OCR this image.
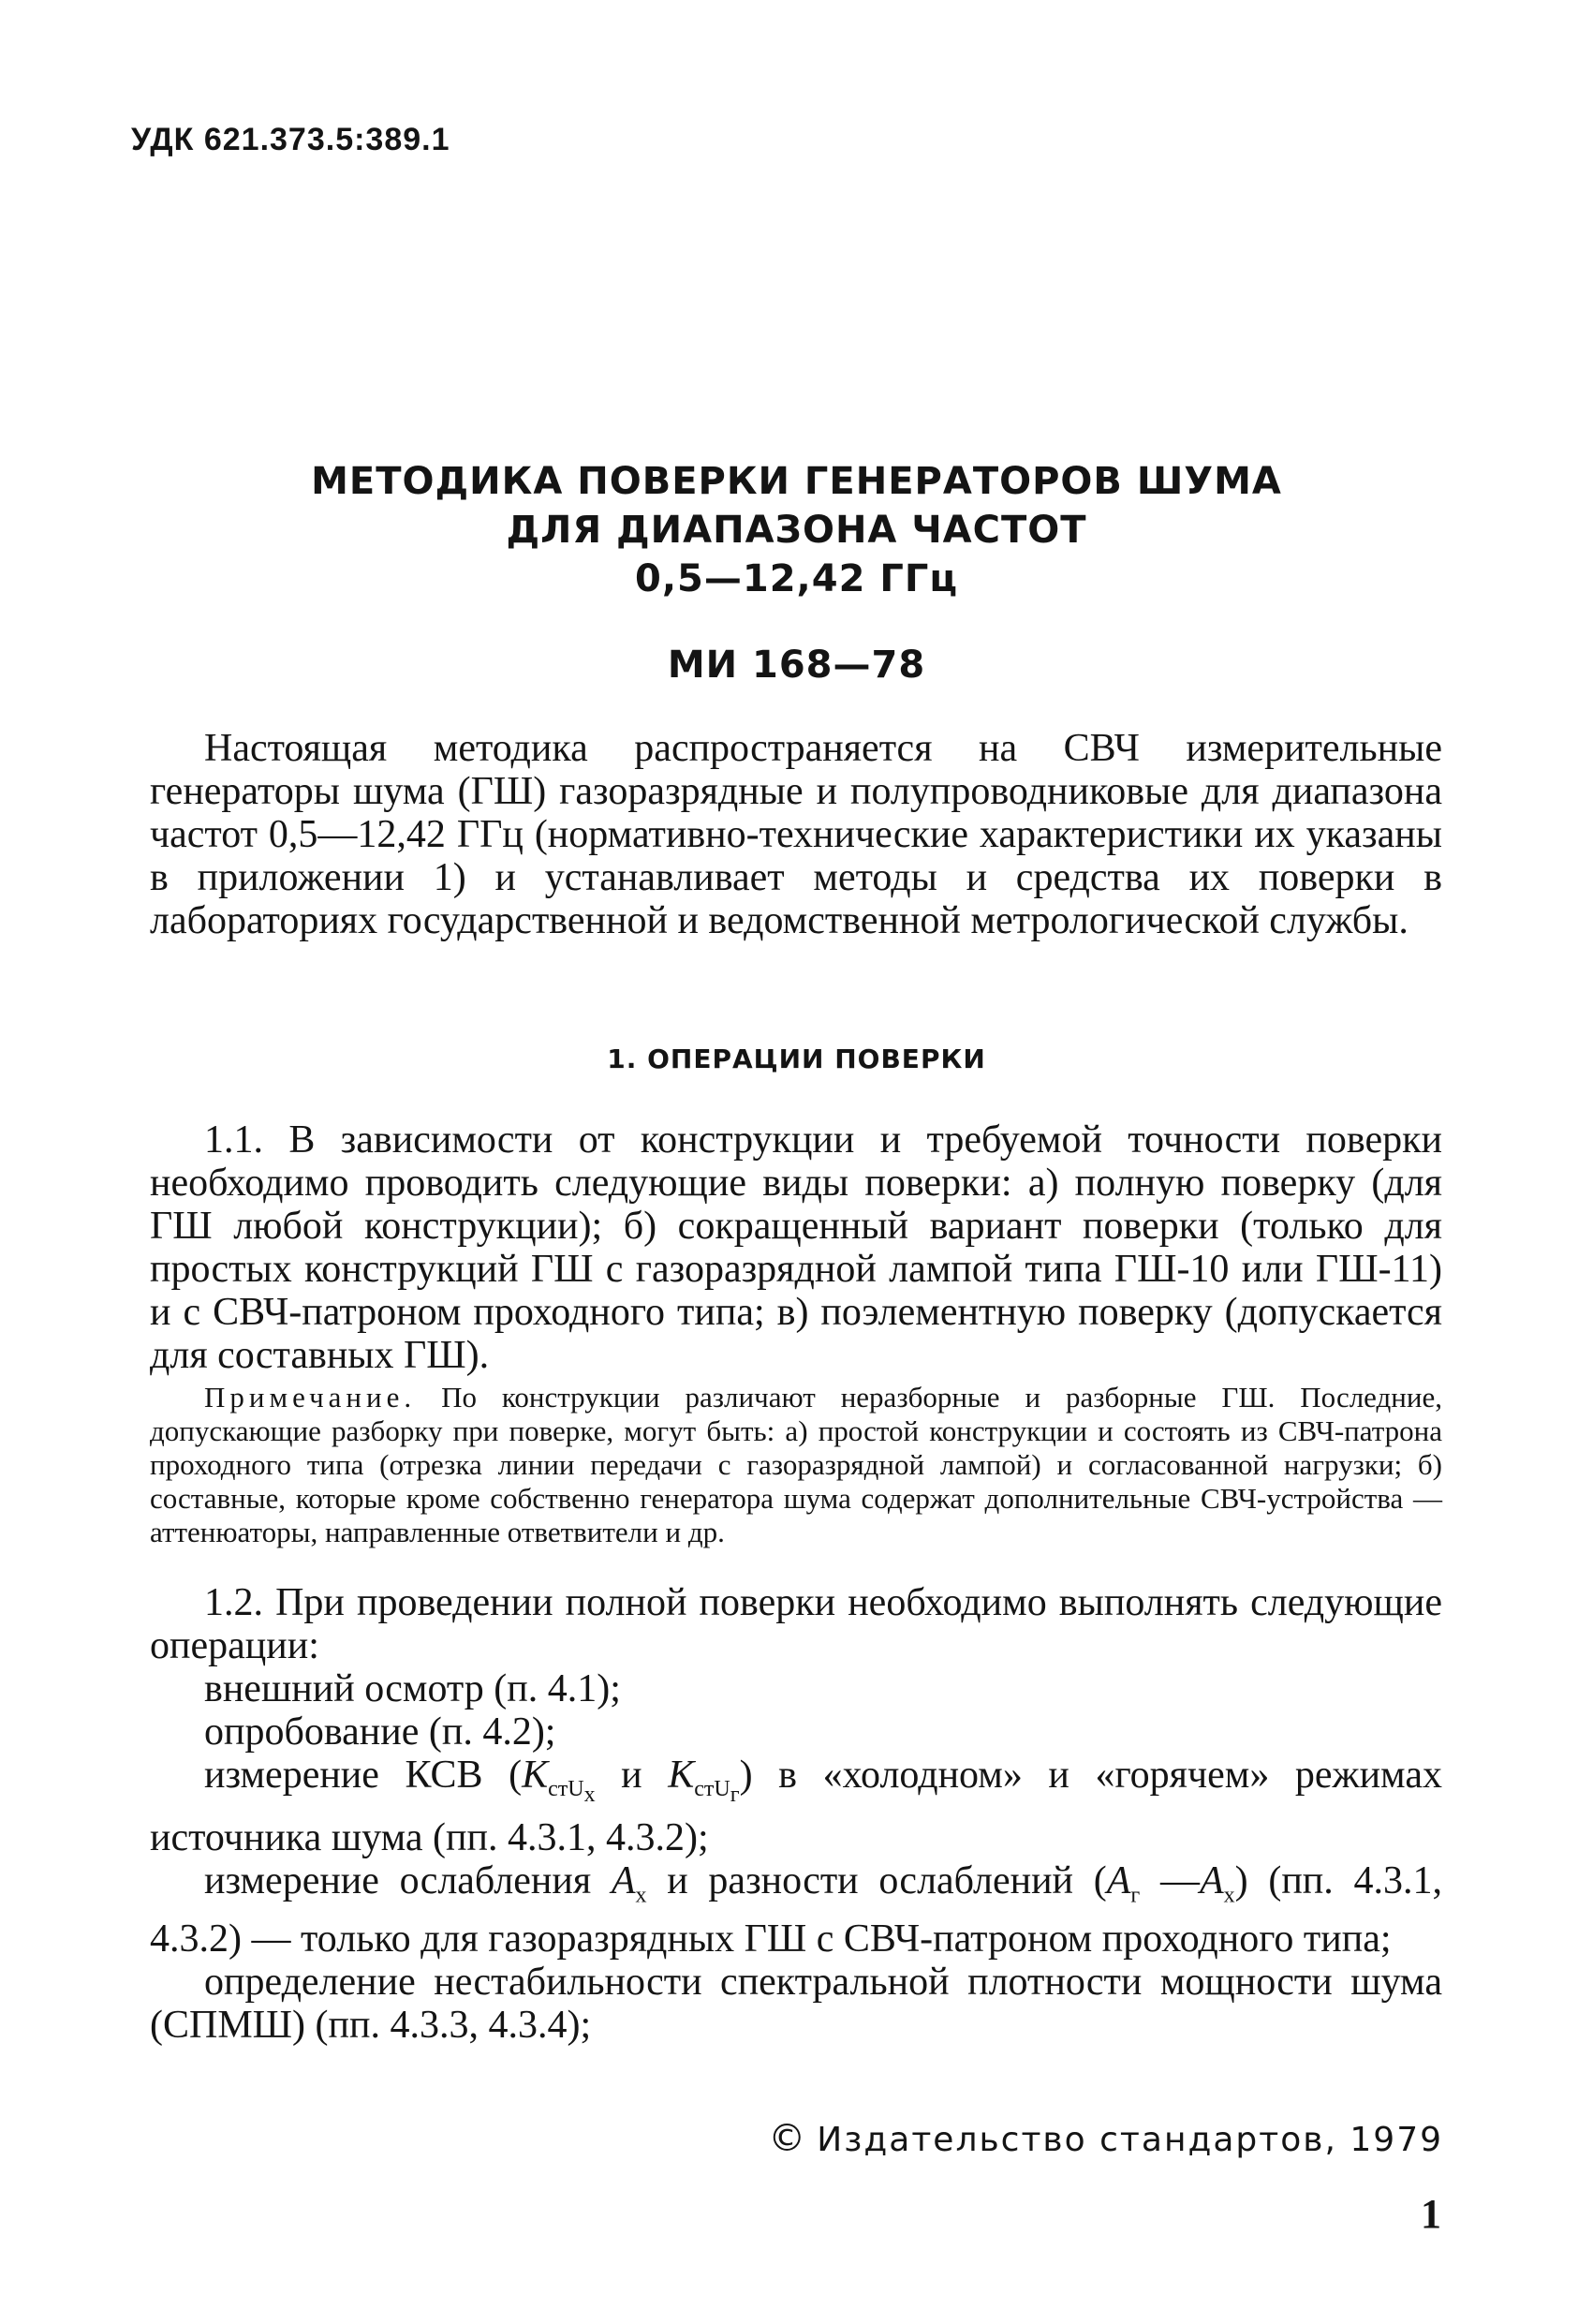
УДК 621.373.5:389.1
МЕТОДИКА ПОВЕРКИ ГЕНЕРАТОРОВ ШУМА
ДЛЯ ДИАПАЗОНА ЧАСТОТ
0,5—12,42 ГГц
МИ 168—78

Настоящая методика распространяется на СВЧ измерительные генераторы шума (ГШ) газоразрядные и полупроводниковые для диапазона частот 0,5—12,42 ГГц (нормативно-технические характеристики их указаны в приложении 1) и устанавливает методы и средства их поверки в лабораториях государственной и ведомственной метрологической службы.

1. ОПЕРАЦИИ ПОВЕРКИ

1.1. В зависимости от конструкции и требуемой точности поверки необходимо проводить следующие виды поверки: а) полную поверку (для ГШ любой конструкции); б) сокращенный вариант поверки (только для простых конструкций ГШ с газоразрядной лампой типа ГШ-10 или ГШ-11) и с СВЧ-патроном проходного типа; в) поэлементную поверку (допускается для составных ГШ).

Примечание. По конструкции различают неразборные и разборные ГШ. Последние, допускающие разборку при поверке, могут быть: а) простой конструкции и состоять из СВЧ-патрона проходного типа (отрезка линии передачи с газоразрядной лампой) и согласованной нагрузки; б) составные, которые кроме собственно генератора шума содержат дополнительные СВЧ-устройства — аттенюаторы, направленные ответвители и др.

1.2. При проведении полной поверки необходимо выполнять следующие операции:

внешний осмотр (п. 4.1);

опробование (п. 4.2);

измерение КСВ ($K_{стU_х}$ и $K_{стU_г}$) в «холодном» и «горячем» режимах источника шума (пп. 4.3.1, 4.3.2);

измерение ослабления $A_х$ и разности ослаблений ($A_г$ $—A_х$) (пп. 4.3.1, 4.3.2) — только для газоразрядных ГШ с СВЧ-патроном проходного типа;

определение нестабильности спектральной плотности мощности шума (СПМШ) (пп. 4.3.3, 4.3.4);

© Издательство стандартов, 1979
1
